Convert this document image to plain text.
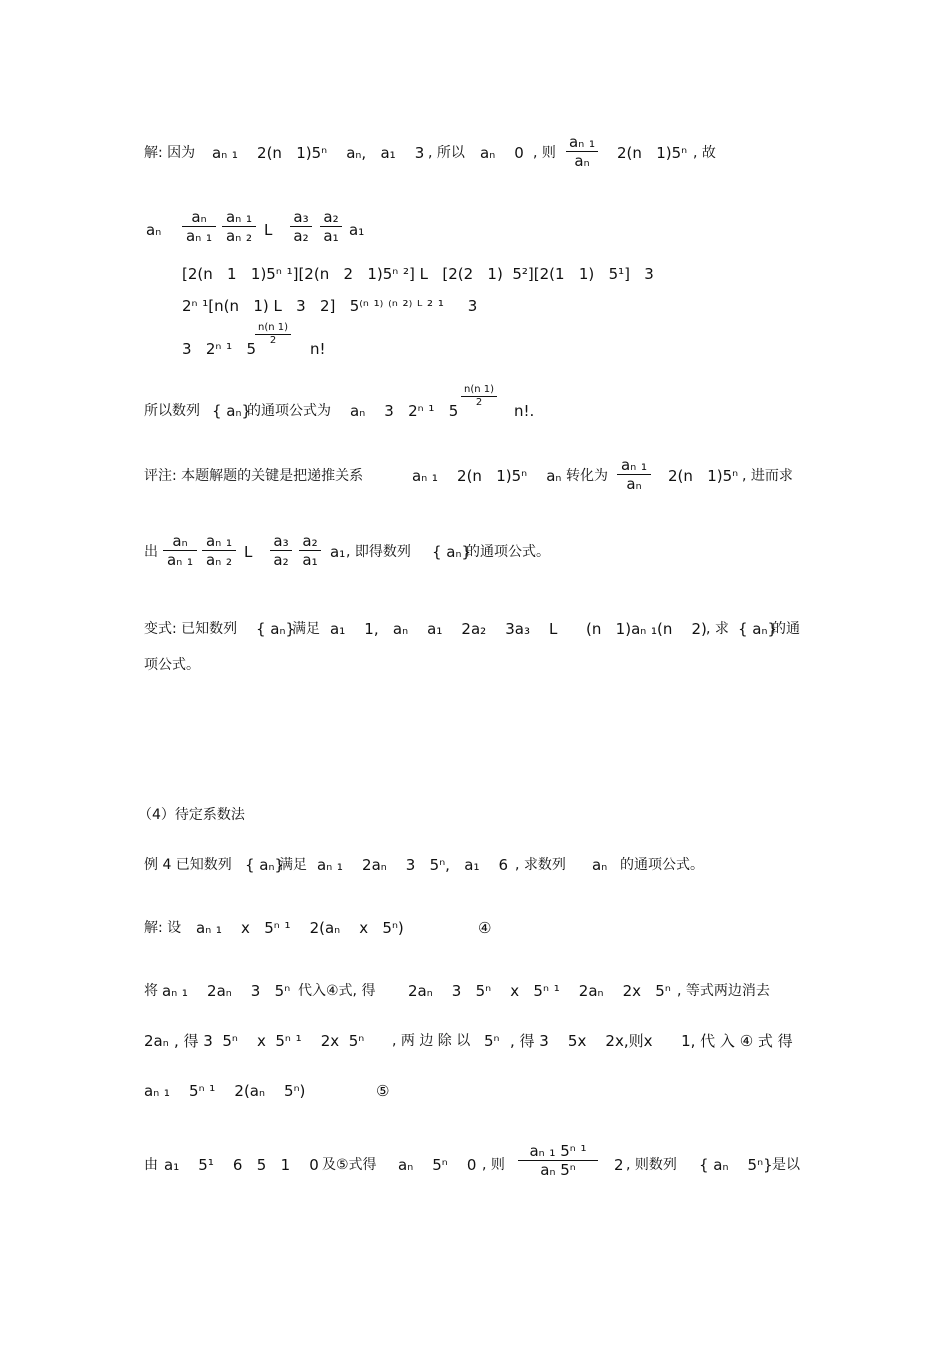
解: 因为 aₙ ₁    2(n   1)5ⁿ    aₙ,   a₁    3 , 所以 aₙ    0 , 则
aₙ ₁
aₙ	2(n   1)5ⁿ , 故
aₙ
aₙ
aₙ ₁
aₙ ₁
aₙ ₂ L
a₃
a₂
a₂
a₁ a₁
[2(n   1   1)5ⁿ ¹][2(n   2   1)5ⁿ ²] L   [2(2   1)  5²][2(1   1)   5¹]   3
2ⁿ ¹[n(n   1) L   3   2]   5⁽ⁿ ¹⁾ ⁽ⁿ ²⁾ ᴸ ² ¹     3
3   2ⁿ ¹   5
n(n 1)
2	n!
所以数列 { aₙ}
的通项公式为 aₙ    3   2ⁿ ¹   5
n(n 1)
2	n!.
评注: 本题解题的关键是把递推关系	aₙ ₁    2(n   1)5ⁿ    aₙ 转化为
aₙ ₁
aₙ	2(n   1)5ⁿ , 进而求
出
aₙ
aₙ ₁
aₙ ₁
aₙ ₂ L
a₃
a₂
a₂
a₁ a₁ , 即得数列 { aₙ}
的通项公式。
变式: 已知数列 { aₙ}
满足 a₁    1,   aₙ    a₁    2a₂    3a₃    L      (n   1)aₙ ₁(n    2) , 求 { aₙ}
的通
项公式。
（4）待定系数法
例 4 已知数列 { aₙ}
满足 aₙ ₁    2aₙ    3   5ⁿ,   a₁    6 , 求数列 aₙ 的通项公式。
解: 设 aₙ ₁    x   5ⁿ ¹    2(aₙ    x   5ⁿ)	④
将 aₙ ₁    2aₙ    3   5ⁿ 代入④式, 得 2aₙ    3   5ⁿ    x   5ⁿ ¹    2aₙ    2x   5ⁿ , 等式两边消去
2aₙ , 得 3  5ⁿ    x  5ⁿ ¹    2x  5ⁿ , 两 边 除 以 5ⁿ , 得 3    5x    2x,则x      1, 代 入 ④ 式 得
aₙ ₁    5ⁿ ¹    2(aₙ    5ⁿ)	⑤
由 a₁    5¹    6   5   1    0 及⑤式得 aₙ    5ⁿ    0 , 则
aₙ ₁ 5ⁿ ¹
aₙ 5ⁿ	2 , 则数列 { aₙ    5ⁿ} 是以
